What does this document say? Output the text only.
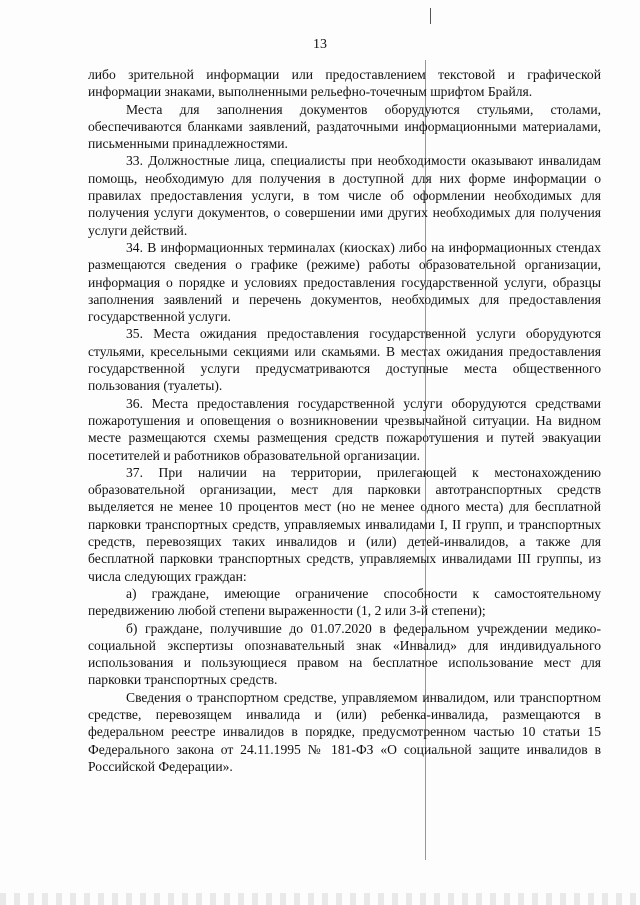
13

либо зрительной информации или предоставлением текстовой и графической информации знаками, выполненными рельефно-точечным шрифтом Брайля.

Места для заполнения документов оборудуются стульями, столами, обеспечиваются бланками заявлений, раздаточными информационными материалами, письменными принадлежностями.

33. Должностные лица, специалисты при необходимости оказывают инвалидам помощь, необходимую для получения в доступной для них форме информации о правилах предоставления услуги, в том числе об оформлении необходимых для получения услуги документов, о совершении ими других необходимых для получения услуги действий.

34. В информационных терминалах (киосках) либо на информационных стендах размещаются сведения о графике (режиме) работы образовательной организации, информация о порядке и условиях предоставления государственной услуги, образцы заполнения заявлений и перечень документов, необходимых для предоставления государственной услуги.

35. Места ожидания предоставления государственной услуги оборудуются стульями, кресельными секциями или скамьями. В местах ожидания предоставления государственной услуги предусматриваются доступные места общественного пользования (туалеты).

36. Места предоставления государственной услуги оборудуются средствами пожаротушения и оповещения о возникновении чрезвычайной ситуации. На видном месте размещаются схемы размещения средств пожаротушения и путей эвакуации посетителей и работников образовательной организации.

37. При наличии на территории, прилегающей к местонахождению образовательной организации, мест для парковки автотранспортных средств выделяется не менее 10 процентов мест (но не менее одного места) для бесплатной парковки транспортных средств, управляемых инвалидами I, II групп, и транспортных средств, перевозящих таких инвалидов и (или) детей-инвалидов, а также для бесплатной парковки транспортных средств, управляемых инвалидами III группы, из числа следующих граждан:

а) граждане, имеющие ограничение способности к самостоятельному передвижению любой степени выраженности (1, 2 или 3-й степени);

б) граждане, получившие до 01.07.2020 в федеральном учреждении медико-социальной экспертизы опознавательный знак «Инвалид» для индивидуального использования и пользующиеся правом на бесплатное использование мест для парковки транспортных средств.

Сведения о транспортном средстве, управляемом инвалидом, или транспортном средстве, перевозящем инвалида и (или) ребенка-инвалида, размещаются в федеральном реестре инвалидов в порядке, предусмотренном частью 10 статьи 15 Федерального закона от 24.11.1995 № 181-ФЗ «О социальной защите инвалидов в Российской Федерации».
